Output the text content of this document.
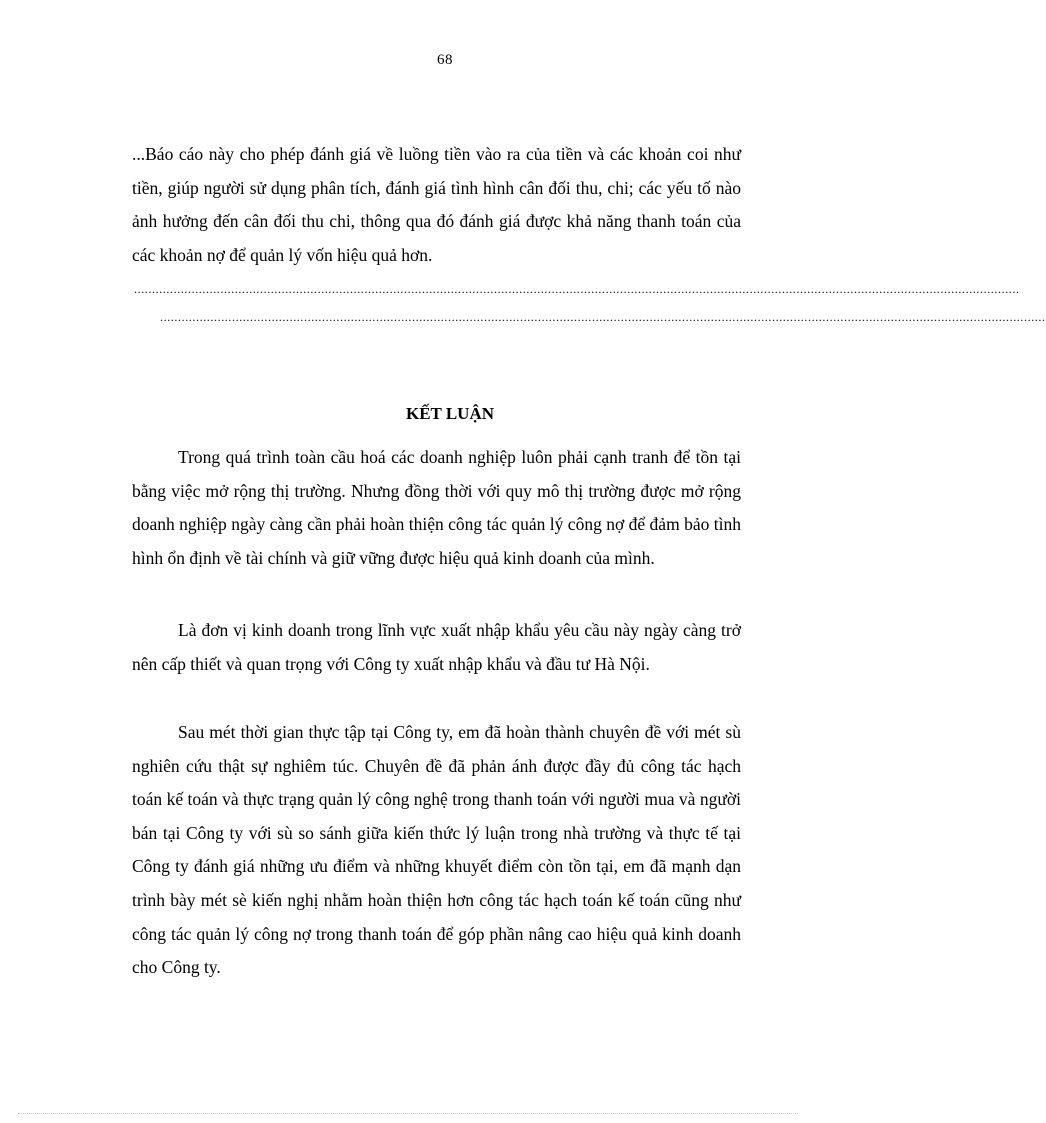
68

...Báo cáo này cho phép đánh giá về luồng tiền vào ra của tiền và các khoản coi như tiền, giúp người sử dụng phân tích, đánh giá tình hình cân đối thu, chi; các yếu tố nào ảnh hưởng đến cân đối thu chi, thông qua đó đánh giá được khả năng thanh toán của các khoản nợ để quản lý vốn hiệu quả hơn.

......................................................................................................................................................................................................................................................
......................................................................................................................................................................................................................................................
KẾT LUẬN

Trong quá trình toàn cầu hoá các doanh nghiệp luôn phải cạnh tranh để tồn tại bằng việc mở rộng thị trường. Nhưng đồng thời với quy mô thị trường được mở rộng doanh nghiệp ngày càng cần phải hoàn thiện công tác quản lý công nợ để đảm bảo tình hình ổn định về tài chính và giữ vững được hiệu quả kinh doanh của mình.

Là đơn vị kinh doanh trong lĩnh vực xuất nhập khẩu yêu cầu này ngày càng trở nên cấp thiết và quan trọng với Công ty xuất nhập khẩu và đầu tư Hà Nội.

Sau mét thời gian thực tập tại Công ty, em đã hoàn thành chuyên đề với mét sù nghiên cứu thật sự nghiêm túc. Chuyên đề đã phản ánh được đầy đủ công tác hạch toán kế toán và thực trạng quản lý công nghệ trong thanh toán với người mua và người bán tại Công ty với sù so sánh giữa kiến thức lý luận trong nhà trường và thực tế tại Công ty đánh giá những ưu điểm và những khuyết điểm còn tồn tại, em đã mạnh dạn trình bày mét sè kiến nghị nhằm hoàn thiện hơn công tác hạch toán kế toán cũng như công tác quản lý công nợ trong thanh toán để góp phần nâng cao hiệu quả kinh doanh cho Công ty.
